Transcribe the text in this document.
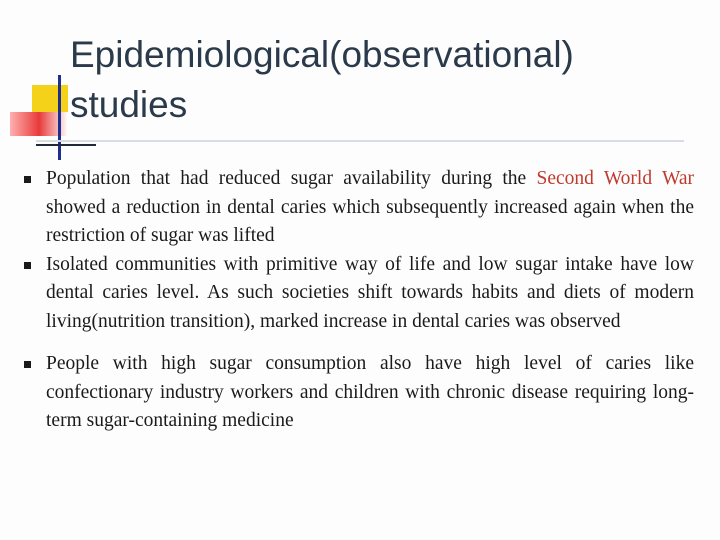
Epidemiological(observational) studies
Population that had reduced sugar availability during the Second World War showed a reduction in dental caries which subsequently increased again when the restriction of sugar was lifted
Isolated communities with primitive way of life and low sugar intake have low dental caries level. As such societies shift towards habits and diets of modern living(nutrition transition), marked increase in dental caries was observed
People with high sugar consumption also have high level of caries like confectionary industry workers and children with chronic disease requiring long-term sugar-containing medicine
